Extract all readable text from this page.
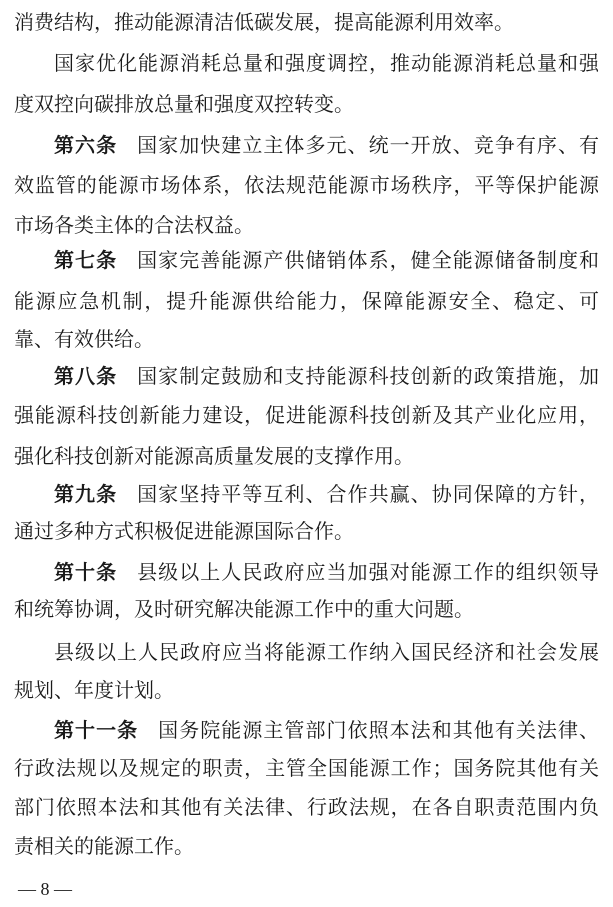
消费结构，推动能源清洁低碳发展，提高能源利用效率。
国家优化能源消耗总量和强度调控，推动能源消耗总量和强
度双控向碳排放总量和强度双控转变。
第六条 国家加快建立主体多元、统一开放、竞争有序、有
效监管的能源市场体系，依法规范能源市场秩序，平等保护能源
市场各类主体的合法权益。
第七条 国家完善能源产供储销体系，健全能源储备制度和
能源应急机制，提升能源供给能力，保障能源安全、稳定、可
靠、有效供给。
第八条 国家制定鼓励和支持能源科技创新的政策措施，加
强能源科技创新能力建设，促进能源科技创新及其产业化应用，
强化科技创新对能源高质量发展的支撑作用。
第九条 国家坚持平等互利、合作共赢、协同保障的方针，
通过多种方式积极促进能源国际合作。
第十条 县级以上人民政府应当加强对能源工作的组织领导
和统筹协调，及时研究解决能源工作中的重大问题。
县级以上人民政府应当将能源工作纳入国民经济和社会发展
规划、年度计划。
第十一条 国务院能源主管部门依照本法和其他有关法律、
行政法规以及规定的职责，主管全国能源工作；国务院其他有关
部门依照本法和其他有关法律、行政法规，在各自职责范围内负
责相关的能源工作。
— 8 —
